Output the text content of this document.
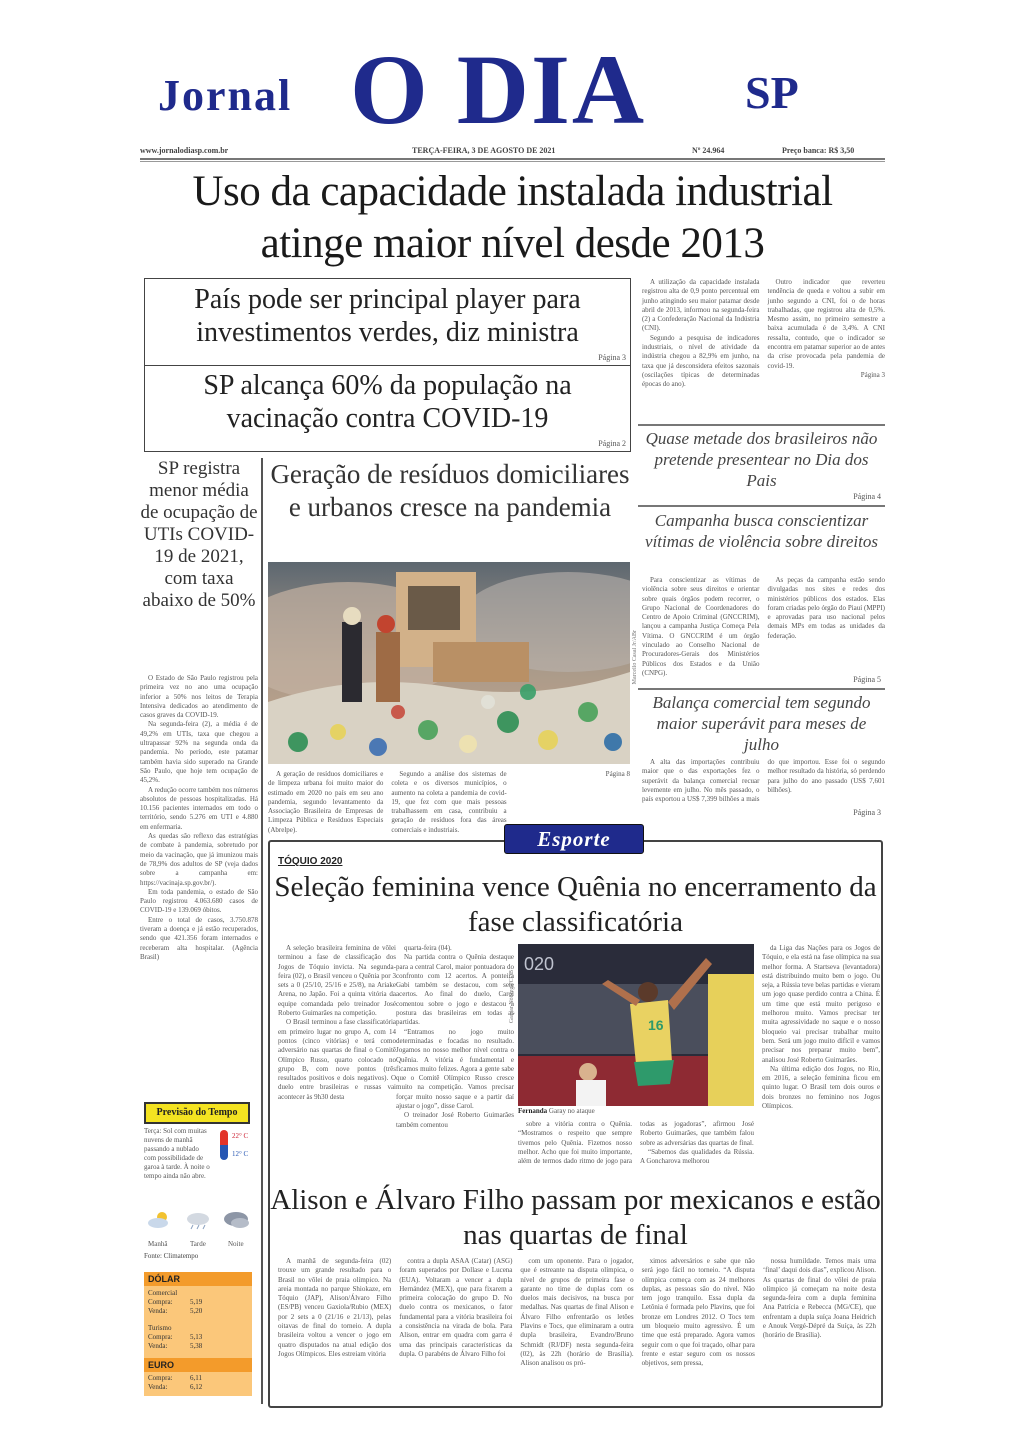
Jornal O DIA SP
www.jornalodiasp.com.br	TERÇA-FEIRA, 3 DE AGOSTO DE 2021	Nº 24.964	Preço banca: R$ 3,50
Uso da capacidade instalada industrial atinge maior nível desde 2013
País pode ser principal player para investimentos verdes, diz ministra
Página 3
SP alcança 60% da população na vacinação contra COVID-19
Página 2

A utilização da capacidade instalada registrou alta de 0,9 ponto percentual em junho atingindo seu maior patamar desde abril de 2013, informou na segunda-feira (2) a Confederação Nacional da Indústria (CNI).

Segundo a pesquisa de indicadores industriais, o nível de atividade da indústria chegou a 82,9% em junho, na taxa que já desconsidera efeitos sazonais (oscilações típicas de determinadas épocas do ano).

Outro indicador que reverteu tendência de queda e voltou a subir em junho segundo a CNI, foi o de horas trabalhadas, que registrou alta de 0,5%. Mesmo assim, no primeiro semestre a baixa acumulada é de 3,4%. A CNI ressalta, contudo, que o indicador se encontra em patamar superior ao de antes da crise provocada pela pandemia de covid-19.

Página 3

SP registra menor média de ocupação de UTIs COVID-19 de 2021, com taxa abaixo de 50%

O Estado de São Paulo registrou pela primeira vez no ano uma ocupação inferior a 50% nos leitos de Terapia Intensiva dedicados ao atendimento de casos graves da COVID-19.

Na segunda-feira (2), a média é de 49,2% em UTIs, taxa que chegou a ultrapassar 92% na segunda onda da pandemia. No período, este patamar também havia sido superado na Grande São Paulo, que hoje tem ocupação de 45,2%.

A redução ocorre também nos números absolutos de pessoas hospitalizadas. Há 10.156 pacientes internados em todo o território, sendo 5.276 em UTI e 4.880 em enfermaria.

As quedas são reflexo das estratégias de combate à pandemia, sobretudo por meio da vacinação, que já imunizou mais de 78,9% dos adultos de SP (veja dados sobre a campanha em: https://vacinaja.sp.gov.br/).

Em toda pandemia, o estado de São Paulo registrou 4.063.680 casos de COVID-19 e 139.069 óbitos.

Entre o total de casos, 3.750.878 tiveram a doença e já estão recuperados, sendo que 421.356 foram internados e receberam alta hospitalar. (Agência Brasil)

Previsão do Tempo
Terça: Sol com muitas nuvens de manhã passando a nublado com possibilidade de garoa à tarde. À noite o tempo ainda não abre.
22° C
12° C
Manhã	Tarde	Noite
Fonte: Climatempo
DÓLAR
Comercial
Compra:	5,19
Venda:	5,20
Turismo
Compra:	5,13
Venda:	5,38
EURO
Compra:	6,11
Venda:	6,12
Geração de resíduos domiciliares e urbanos cresce na pandemia
Marcello Casal Jr/ABr

A geração de resíduos domiciliares e de limpeza urbana foi muito maior do estimado em 2020 no país em seu ano pandemia, segundo levantamento da Associação Brasileira de Empresas de Limpeza Pública e Resíduos Especiais (Abrelpe).

Segundo a análise dos sistemas de coleta e os diversos municípios, o aumento na coleta a pandemia de covid-19, que fez com que mais pessoas trabalhassem em casa, contribuiu a geração de resíduos fora das áreas comerciais e industriais.

Página 8

Quase metade dos brasileiros não pretende presentear no Dia dos Pais
Página 4
Campanha busca conscientizar vítimas de violência sobre direitos

Para conscientizar as vítimas de violência sobre seus direitos e orientar sobre quais órgãos podem recorrer, o Grupo Nacional de Coordenadores do Centro de Apoio Criminal (GNCCRIM), lançou a campanha Justiça Começa Pela Vítima. O GNCCRIM é um órgão vinculado ao Conselho Nacional de Procuradores-Gerais dos Ministérios Públicos dos Estados e da União (CNPG).

As peças da campanha estão sendo divulgadas nos sites e redes dos ministérios públicos dos estados. Elas foram criadas pelo órgão do Piauí (MPPI) e aprovadas para uso nacional pelos demais MPs em todas as unidades da federação.

Página 5
Balança comercial tem segundo maior superávit para meses de julho

A alta das importações contribuiu maior que o das exportações fez o superávit da balança comercial recuar levemente em julho. No mês passado, o país exportou a US$ 7,399 bilhões a mais do que importou. Esse foi o segundo melhor resultado da história, só perdendo para julho do ano passado (US$ 7,601 bilhões).

Página 3
Esporte
TÓQUIO 2020
Seleção feminina vence Quênia no encerramento da fase classificatória

A seleção brasileira feminina de vôlei terminou a fase de classificação dos Jogos de Tóquio invicta. Na segunda-feira (02), o Brasil venceu o Quênia por 3 sets a 0 (25/10, 25/16 e 25/8), na Ariake Arena, no Japão. Foi a quinta vitória da equipe comandada pelo treinador José Roberto Guimarães na competição.

O Brasil terminou a fase classificatória em primeiro lugar no grupo A, com 14 pontos (cinco vitórias) e terá como adversário nas quartas de final o Comitê Olímpico Russo, quarto colocado no grupo B, com nove pontos (três resultados positivos e dois negativos). O duelo entre brasileiras e russas vai acontecer às 9h30 desta

quarta-feira (04).

Na partida contra o Quênia destaque para a central Carol, maior pontuadora do confronto com 12 acertos. A ponteira Gabi também se destacou, com sete acertos. Ao final do duelo, Carol comentou sobre o jogo e destacou a postura das brasileiras em todas as partidas.

“Entramos no jogo muito determinadas e focadas no resultado. Jogamos no nosso melhor nível contra o Quênia. A vitória é fundamental e ficamos muito felizes. Agora a gente sabe que o Comitê Olímpico Russo cresce muito na competição. Vamos precisar forçar muito nosso saque e a partir daí ajustar o jogo”, disse Carol.

O treinador José Roberto Guimarães também comentou

Gaspar Nóbrega/COB
020
16
Fernanda Garay no ataque

sobre a vitória contra o Quênia. “Mostramos o respeito que sempre tivemos pelo Quênia. Fizemos nosso melhor. Acho que foi muito importante, além de termos dado ritmo de jogo para todas as jogadoras”, afirmou José Roberto Guimarães, que também falou sobre as adversárias das quartas de final.

“Sabemos das qualidades da Rússia. A Goncharova melhorou

da Liga das Nações para os Jogos de Tóquio, e ela está na fase olímpica na sua melhor forma. A Startseva (levantadora) está distribuindo muito bem o jogo. Ou seja, a Rússia teve belas partidas e vieram um jogo quase perdido contra a China. É um time que está muito perigoso e melhorou muito. Vamos precisar ter muita agressividade no saque e o nosso bloqueio vai precisar trabalhar muito bem. Será um jogo muito difícil e vamos precisar nos preparar muito bem”, analisou José Roberto Guimarães.

Na última edição dos Jogos, no Rio, em 2016, a seleção feminina ficou em quinto lugar. O Brasil tem dois ouros e dois bronzes no feminino nos Jogos Olímpicos.

Alison e Álvaro Filho passam por mexicanos e estão nas quartas de final

A manhã de segunda-feira (02) trouxe um grande resultado para o Brasil no vôlei de praia olímpico. Na areia montada no parque Shiokaze, em Tóquio (JAP), Alison/Álvaro Filho (ES/PB) venceu Gaxiola/Rubio (MEX) por 2 sets a 0 (21/16 e 21/13), pelas oitavas de final do torneio. A dupla brasileira voltou a vencer o jogo em quatro disputados na atual edição dos Jogos Olímpicos. Eles estreiam vitória

contra a dupla ASAA (Catar) (ASG) foram superados por Dollase e Lucena (EUA). Voltaram a vencer a dupla Hernández (MEX), que para fixarem a primeira colocação do grupo D. No duelo contra os mexicanos, o fator fundamental para a vitória brasileira foi a consistência na virada de bola. Para Alison, entrar em quadra com garra é uma das principais características da dupla. O parabéns de Álvaro Filho foi

com um oponente. Para o jogador, que é estreante na disputa olímpica, o nível de grupos de primeira fase o garante no time de duplas com os duelos mais decisivos, na busca por medalhas. Nas quartas de final Alison e Álvaro Filho enfrentarão os letões Plavins e Tocs, que eliminaram a outra dupla brasileira, Evandro/Bruno Schmidt (RJ/DF) nesta segunda-feira (02), às 22h (horário de Brasília). Alison analisou os pró-

ximos adversários e sabe que não será jogo fácil no torneio. “A disputa olímpica começa com as 24 melhores duplas, as pessoas são do nível. Não tem jogo tranquilo. Essa dupla da Letônia é formada pelo Plavins, que foi bronze em Londres 2012. O Tocs tem um bloqueio muito agressivo. É um time que está preparado. Agora vamos seguir com o que foi traçado, olhar para frente e estar seguro com os nossos objetivos, sem pressa,

nossa humildade. Temos mais uma ‘final’ daqui dois dias”, explicou Alison. As quartas de final do vôlei de praia olímpico já começam na noite desta segunda-feira com a dupla feminina Ana Patrícia e Rebecca (MG/CE), que enfrentam a dupla suíça Joana Heidrich e Anouk Vergé-Dépré da Suíça, às 22h (horário de Brasília).
